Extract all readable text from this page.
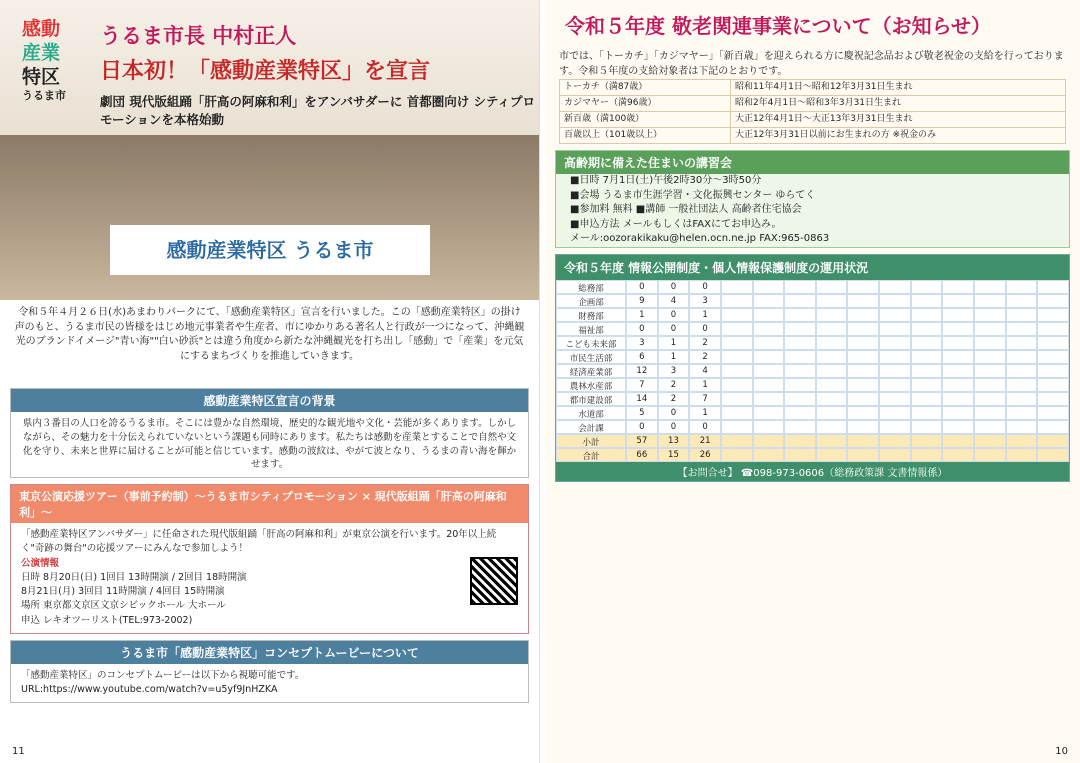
感動
産業
特区
うるま市
うるま市長 中村正人
日本初！「感動産業特区」を宣言
劇団 現代版組踊「肝高の阿麻和利」をアンバサダーに 首都圏向け シティプロモーションを本格始動
感動産業特区 うるま市
令和５年４月２６日(水)あまわりパークにて、「感動産業特区」宣言を行いました。この「感動産業特区」の掛け声のもと、うるま市民の皆様をはじめ地元事業者や生産者、市にゆかりある著名人と行政が一つになって、沖縄観光のブランドイメージ"青い海""白い砂浜"とは違う角度から新たな沖縄観光を打ち出し「感動」で「産業」を元気にするまちづくりを推進していきます。
感動産業特区宣言の背景
県内３番目の人口を誇るうるま市。そこには豊かな自然環境、歴史的な観光地や文化・芸能が多くあります。しかしながら、その魅力を十分伝えられていないという課題も同時にあります。私たちは感動を産業とすることで自然や文化を守り、未来と世界に届けることが可能と信じています。感動の波紋は、やがて波となり、うるまの青い海を輝かせます。
東京公演応援ツアー（事前予約制）～うるま市シティプロモーション × 現代版組踊「肝高の阿麻和利」～
「感動産業特区アンバサダー」に任命された現代版組踊「肝高の阿麻和利」が東京公演を行います。20年以上続く"奇跡の舞台"の応援ツアーにみんなで参加しよう！
公演情報
日時 8月20日(日) 1回目 13時開演 / 2回目 18時開演
8月21日(月) 3回目 11時開演 / 4回目 15時開演
場所 東京都文京区文京シビックホール 大ホール
申込 レキオツーリスト(TEL:973-2002)
うるま市「感動産業特区」コンセプトムービーについて
「感動産業特区」のコンセプトムービーは以下から視聴可能です。
URL:https://www.youtube.com/watch?v=u5yf9JnHZKA
11
令和５年度 敬老関連事業について（お知らせ）
市では、「トーカチ」「カジマヤー」「新百歳」を迎えられる方に慶祝記念品および敬老祝金の支給を行っております。令和５年度の支給対象者は下記のとおりです。
トーカチ（満87歳）	昭和11年4月1日～昭和12年3月31日生まれ
カジマヤー（満96歳）	昭和2年4月1日～昭和3年3月31日生まれ
新百歳（満100歳）	大正12年4月1日～大正13年3月31日生まれ
百歳以上（101歳以上）	大正12年3月31日以前にお生まれの方 ※祝金のみ
高齢期に備えた住まいの講習会
■日時 7月1日(土)午後2時30分～3時50分
■会場 うるま市生涯学習・文化振興センター ゆらてく
■参加料 無料 ■講師 一般社団法人 高齢者住宅協会
■申込方法 メールもしくはFAXにてお申込み。
メール:oozorakikaku@helen.ocn.ne.jp FAX:965-0863
令和５年度 情報公開制度・個人情報保護制度の運用状況
総務部	0	0	0
企画部	9	4	3
財務部	1	0	1
福祉部	0	0	0
こども未来部	3	1	2
市民生活部	6	1	2
経済産業部	12	3	4
農林水産部	7	2	1
都市建設部	14	2	7
水道部	5	0	1
会計課	0	0	0
小計	57	13	21
合計	66	15	26
【お問合せ】 ☎098-973-0606（総務政策課 文書情報係）
10
